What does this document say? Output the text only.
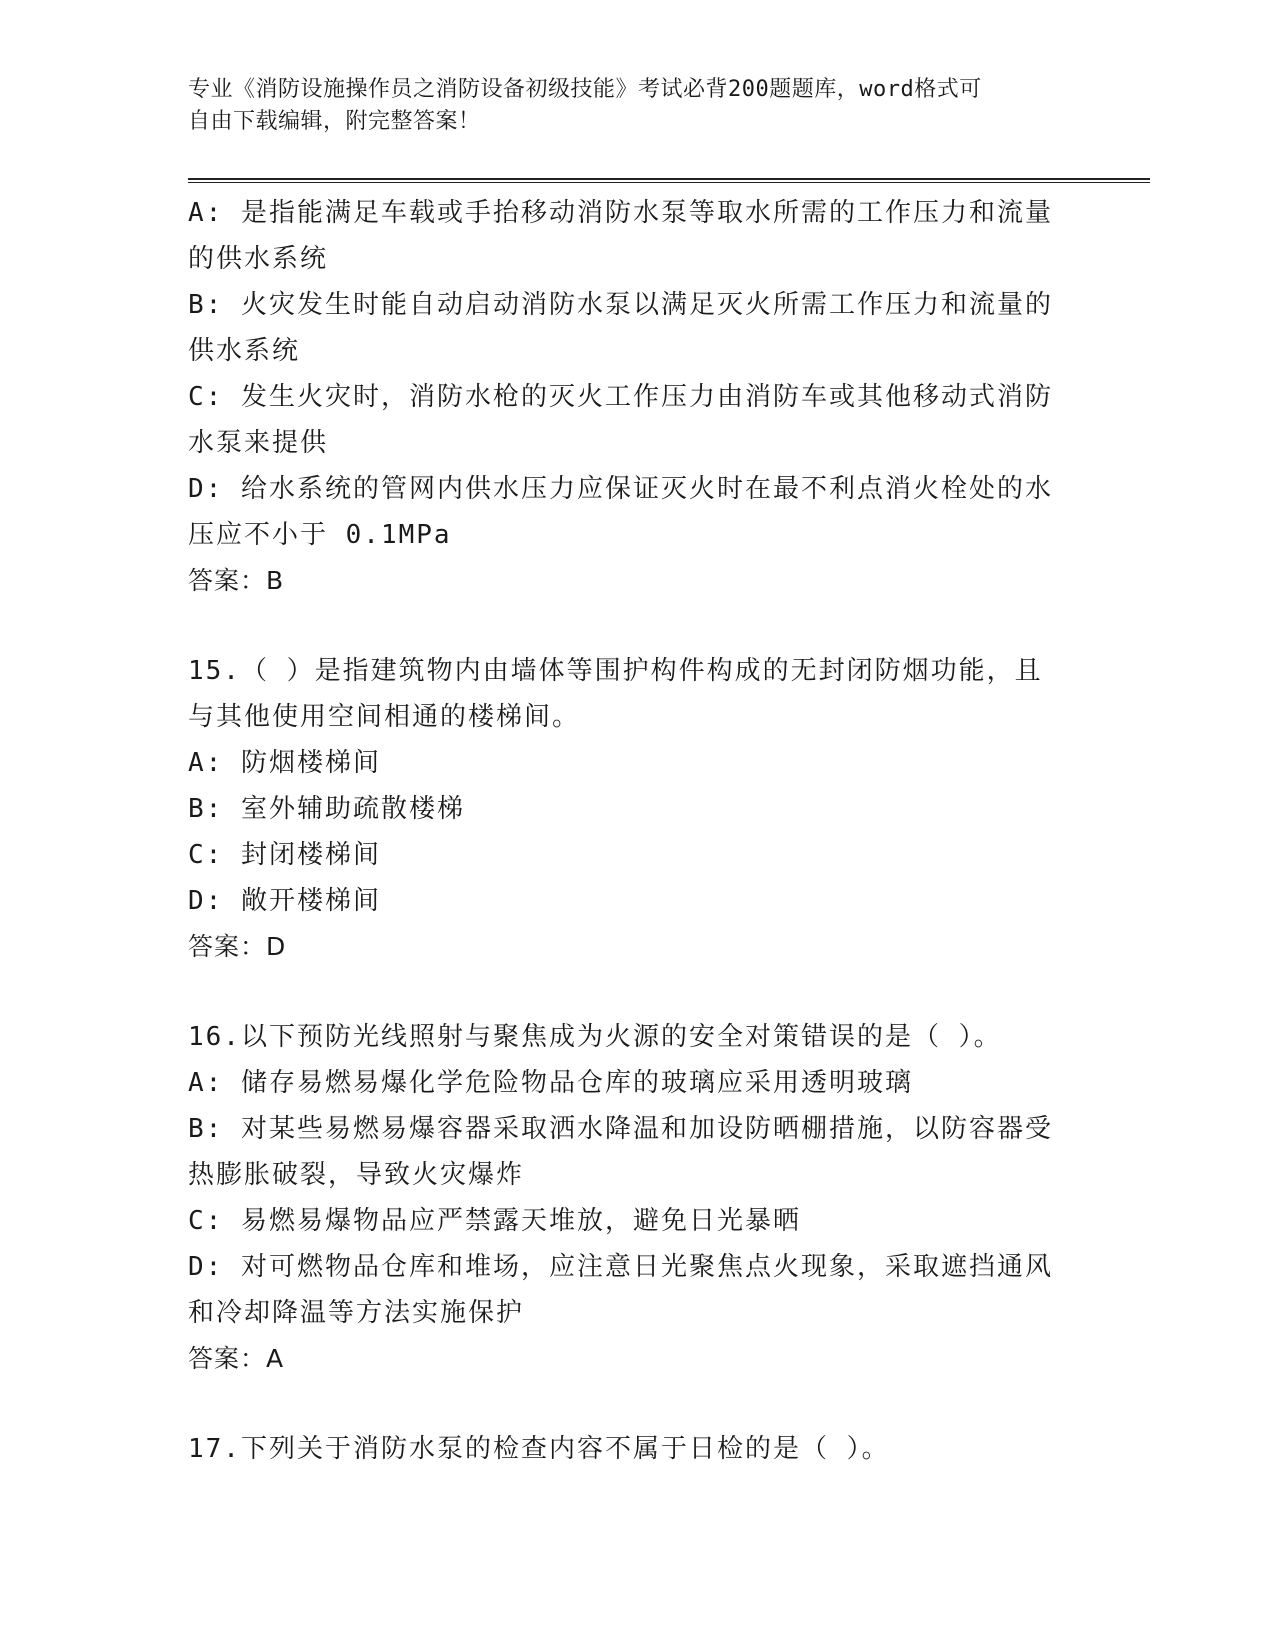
专业《消防设施操作员之消防设备初级技能》考试必背200题题库，word格式可
自由下载编辑，附完整答案！
A: 是指能满足车载或手抬移动消防水泵等取水所需的工作压力和流量
的供水系统
B: 火灾发生时能自动启动消防水泵以满足灭火所需工作压力和流量的
供水系统
C: 发生火灾时，消防水枪的灭火工作压力由消防车或其他移动式消防
水泵来提供
D: 给水系统的管网内供水压力应保证灭火时在最不利点消火栓处的水
压应不小于 0.1MPa
答案：B
15.（ ）是指建筑物内由墙体等围护构件构成的无封闭防烟功能，且
与其他使用空间相通的楼梯间。
A: 防烟楼梯间
B: 室外辅助疏散楼梯
C: 封闭楼梯间
D: 敞开楼梯间
答案：D
16.以下预防光线照射与聚焦成为火源的安全对策错误的是（ ）。
A: 储存易燃易爆化学危险物品仓库的玻璃应采用透明玻璃
B: 对某些易燃易爆容器采取洒水降温和加设防晒棚措施，以防容器受
热膨胀破裂，导致火灾爆炸
C: 易燃易爆物品应严禁露天堆放，避免日光暴晒
D: 对可燃物品仓库和堆场，应注意日光聚焦点火现象，采取遮挡通风
和冷却降温等方法实施保护
答案：A
17.下列关于消防水泵的检查内容不属于日检的是（ ）。
